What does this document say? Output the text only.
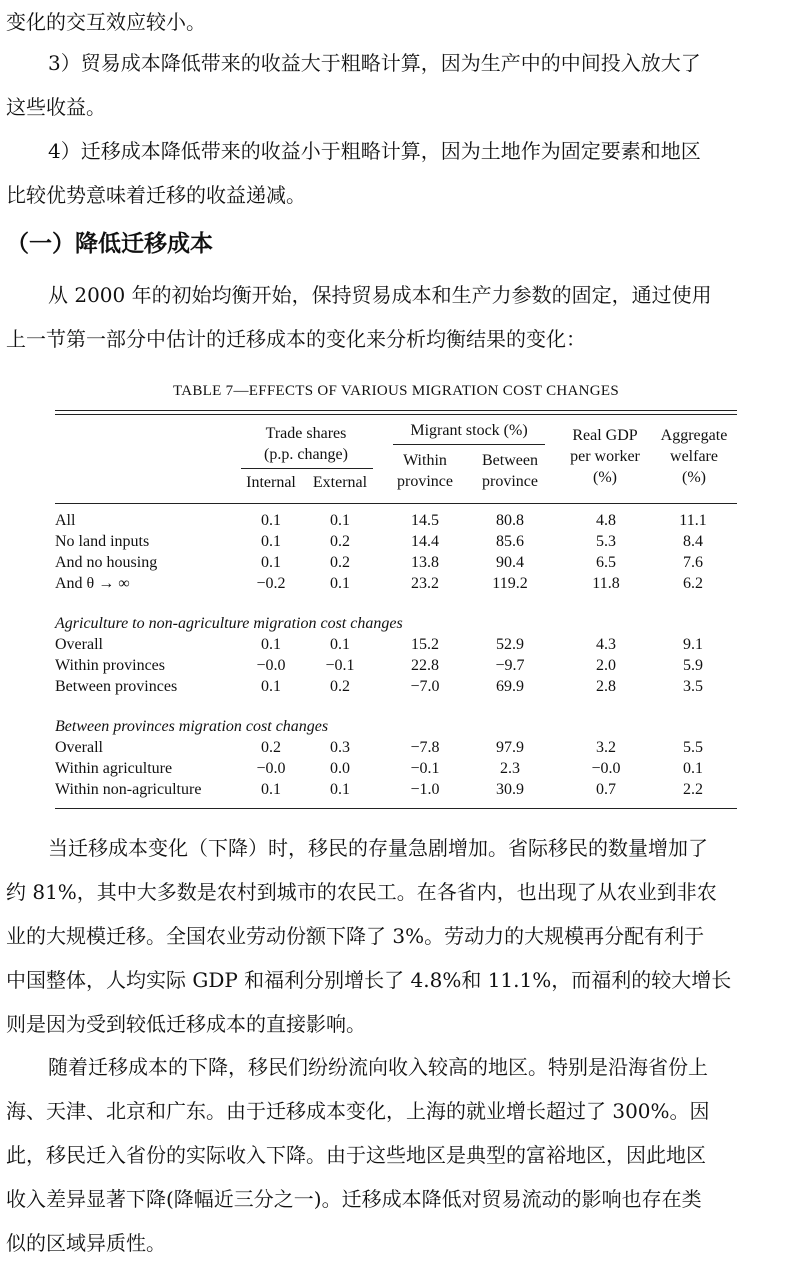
变化的交互效应较小。
3）贸易成本降低带来的收益大于粗略计算，因为生产中的中间投入放大了
这些收益。
4）迁移成本降低带来的收益小于粗略计算，因为土地作为固定要素和地区
比较优势意味着迁移的收益递减。
（一）降低迁移成本
从 2000 年的初始均衡开始，保持贸易成本和生产力参数的固定，通过使用
上一节第一部分中估计的迁移成本的变化来分析均衡结果的变化：
TABLE 7—EFFECTS OF VARIOUS MIGRATION COST CHANGES
Trade shares
(p.p. change)
Internal	External
Migrant stock (%)
Within
province
Between
province
Real GDP
per worker
(%)
Aggregate
welfare
(%)
All	0.1	0.1	14.5	80.8	4.8	11.1
No land inputs	0.1	0.2	14.4	85.6	5.3	8.4
And no housing	0.1	0.2	13.8	90.4	6.5	7.6
And θ → ∞	−0.2	0.1	23.2	119.2	11.8	6.2
Agriculture to non-agriculture migration cost changes
Overall	0.1	0.1	15.2	52.9	4.3	9.1
Within provinces	−0.0	−0.1	22.8	−9.7	2.0	5.9
Between provinces	0.1	0.2	−7.0	69.9	2.8	3.5
Between provinces migration cost changes
Overall	0.2	0.3	−7.8	97.9	3.2	5.5
Within agriculture	−0.0	0.0	−0.1	2.3	−0.0	0.1
Within non-agriculture	0.1	0.1	−1.0	30.9	0.7	2.2
当迁移成本变化（下降）时，移民的存量急剧增加。省际移民的数量增加了
约 81%，其中大多数是农村到城市的农民工。在各省内，也出现了从农业到非农
业的大规模迁移。全国农业劳动份额下降了 3%。劳动力的大规模再分配有利于
中国整体，人均实际 GDP 和福利分别增长了 4.8%和 11.1%，而福利的较大增长
则是因为受到较低迁移成本的直接影响。
随着迁移成本的下降，移民们纷纷流向收入较高的地区。特别是沿海省份上
海、天津、北京和广东。由于迁移成本变化，上海的就业增长超过了 300%。因
此，移民迁入省份的实际收入下降。由于这些地区是典型的富裕地区，因此地区
收入差异显著下降(降幅近三分之一)。迁移成本降低对贸易流动的影响也存在类
似的区域异质性。
